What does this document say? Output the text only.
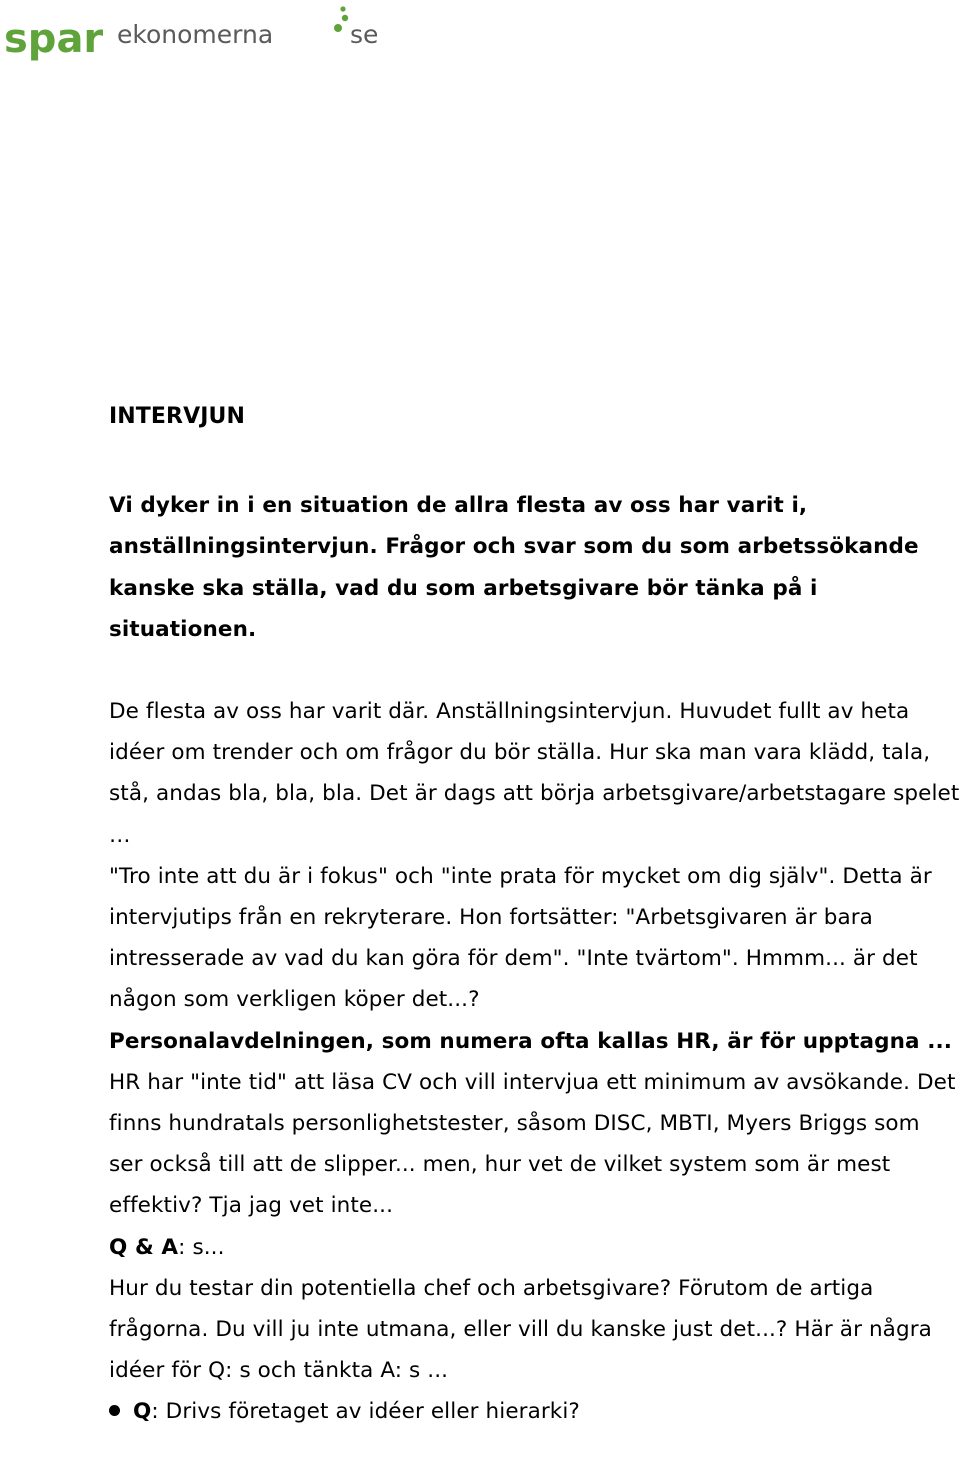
spar ekonomerna	se

INTERVJUN

Vi dyker in i en situation de allra flesta av oss har varit i, anställningsintervjun. Frågor och svar som du som arbetssökande kanske ska ställa, vad du som arbetsgivare bör tänka på i situationen.

De flesta av oss har varit där. Anställningsintervjun. Huvudet fullt av heta idéer om trender och om frågor du bör ställa. Hur ska man vara klädd, tala, stå, andas bla, bla, bla. Det är dags att börja arbetsgivare/arbetstagare spelet …

"Tro inte att du är i fokus" och "inte prata för mycket om dig själv". Detta är intervjutips från en rekryterare. Hon fortsätter: "Arbetsgivaren är bara intresserade av vad du kan göra för dem". "Inte tvärtom". Hmmm... är det någon som verkligen köper det...?

Personalavdelningen, som numera ofta kallas HR, är för upptagna ...

HR har "inte tid" att läsa CV och vill intervjua ett minimum av avsökande. Det finns hundratals personlighetstester, såsom DISC, MBTI, Myers Briggs som ser också till att de slipper... men, hur vet de vilket system som är mest effektiv? Tja jag vet inte...

Q & A: s...

Hur du testar din potentiella chef och arbetsgivare? Förutom de artiga frågorna. Du vill ju inte utmana, eller vill du kanske just det...? Här är några idéer för Q: s och tänkta A: s ...

Q: Drivs företaget av idéer eller hierarki?
